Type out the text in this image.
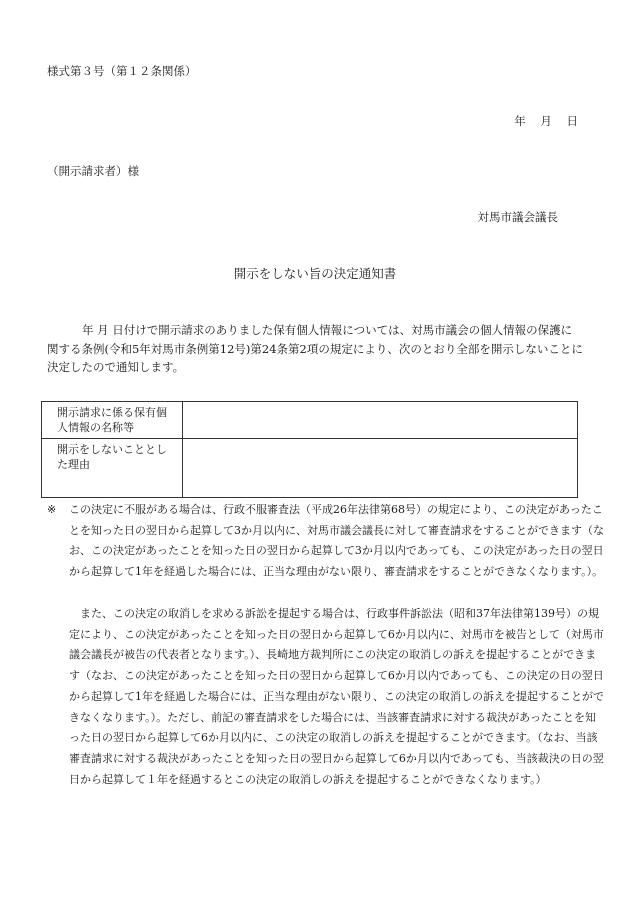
様式第３号（第１２条関係）
年 月 日
（開示請求者）様
対馬市議会議長
開示をしない旨の決定通知書

年 月 日付けで開示請求のありました保有個人情報については、対馬市議会の個人情報の保護に関する条例(令和5年対馬市条例第12号)第24条第2項の規定により、次のとおり全部を開示しないことに決定したので通知します。

開示請求に係る保有個人情報の名称等	
開示をしないこととした理由	

※ この決定に不服がある場合は、行政不服審査法（平成26年法律第68号）の規定により、この決定があったことを知った日の翌日から起算して3か月以内に、対馬市議会議長に対して審査請求をすることができます（なお、この決定があったことを知った日の翌日から起算して3か月以内であっても、この決定があった日の翌日から起算して1年を経過した場合には、正当な理由がない限り、審査請求をすることができなくなります。）。

また、この決定の取消しを求める訴訟を提起する場合は、行政事件訴訟法（昭和37年法律第139号）の規定により、この決定があったことを知った日の翌日から起算して6か月以内に、対馬市を被告として（対馬市議会議長が被告の代表者となります。）、長崎地方裁判所にこの決定の取消しの訴えを提起することができます（なお、この決定があったことを知った日の翌日から起算して6か月以内であっても、この決定の日の翌日から起算して1年を経過した場合には、正当な理由がない限り、この決定の取消しの訴えを提起することができなくなります。）。ただし、前記の審査請求をした場合には、当該審査請求に対する裁決があったことを知った日の翌日から起算して6か月以内に、この決定の取消しの訴えを提起することができます。（なお、当該審査請求に対する裁決があったことを知った日の翌日から起算して6か月以内であっても、当該裁決の日の翌日から起算して１年を経過するとこの決定の取消しの訴えを提起することができなくなります。）
